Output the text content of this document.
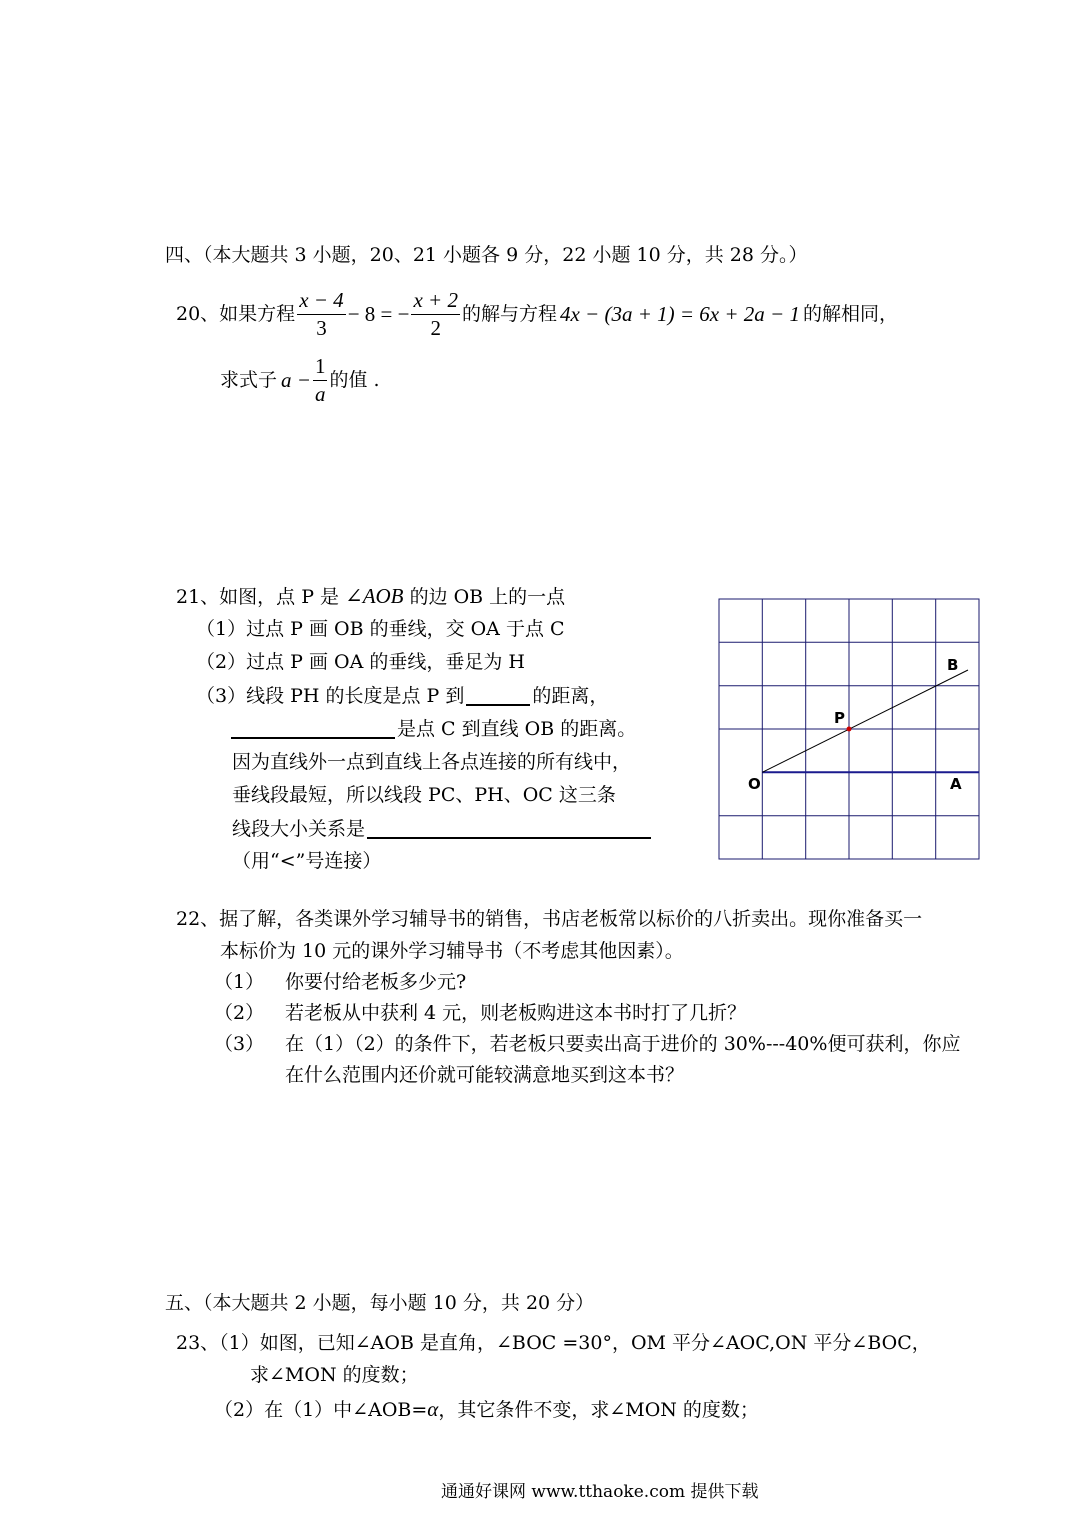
四、（本大题共 3 小题，20、21 小题各 9 分，22 小题 10 分，共 28 分。）
20、如果方程 $\frac{x - 4}{3} - 8$ = − $\frac{x + 2}{2}$ 的解与方程 4x − (3a + 1) = 6x + 2a − 1 的解相同，
求式子 $a - \frac{1}{a}$ 的值 .
21、如图，点 P 是 ∠AOB 的边 OB 上的一点
（1）过点 P 画 OB 的垂线，交 OA 于点 C
（2）过点 P 画 OA 的垂线，垂足为 H
（3）线段 PH 的长度是点 P 到	的距离，
是点 C 到直线 OB 的距离。
因为直线外一点到直线上各点连接的所有线中，
垂线段最短，所以线段 PC、PH、OC 这三条
线段大小关系是
（用“<”号连接）
B
P
O	A
22、据了解，各类课外学习辅导书的销售，书店老板常以标价的八折卖出。现你准备买一
本标价为 10 元的课外学习辅导书（不考虑其他因素）。
（1） 你要付给老板多少元?
（2） 若老板从中获利 4 元，则老板购进这本书时打了几折？
（3） 在（1）（2）的条件下，若老板只要卖出高于进价的 30%---40%便可获利，你应
在什么范围内还价就可能较满意地买到这本书？
五、（本大题共 2 小题，每小题 10 分，共 20 分）
23、（1）如图，已知∠AOB 是直角，∠BOC =30°，OM 平分∠AOC,ON 平分∠BOC，
求∠MON 的度数；
（2）在（1）中∠AOB=α，其它条件不变，求∠MON 的度数；
通通好课网 www.tthaoke.com 提供下载
